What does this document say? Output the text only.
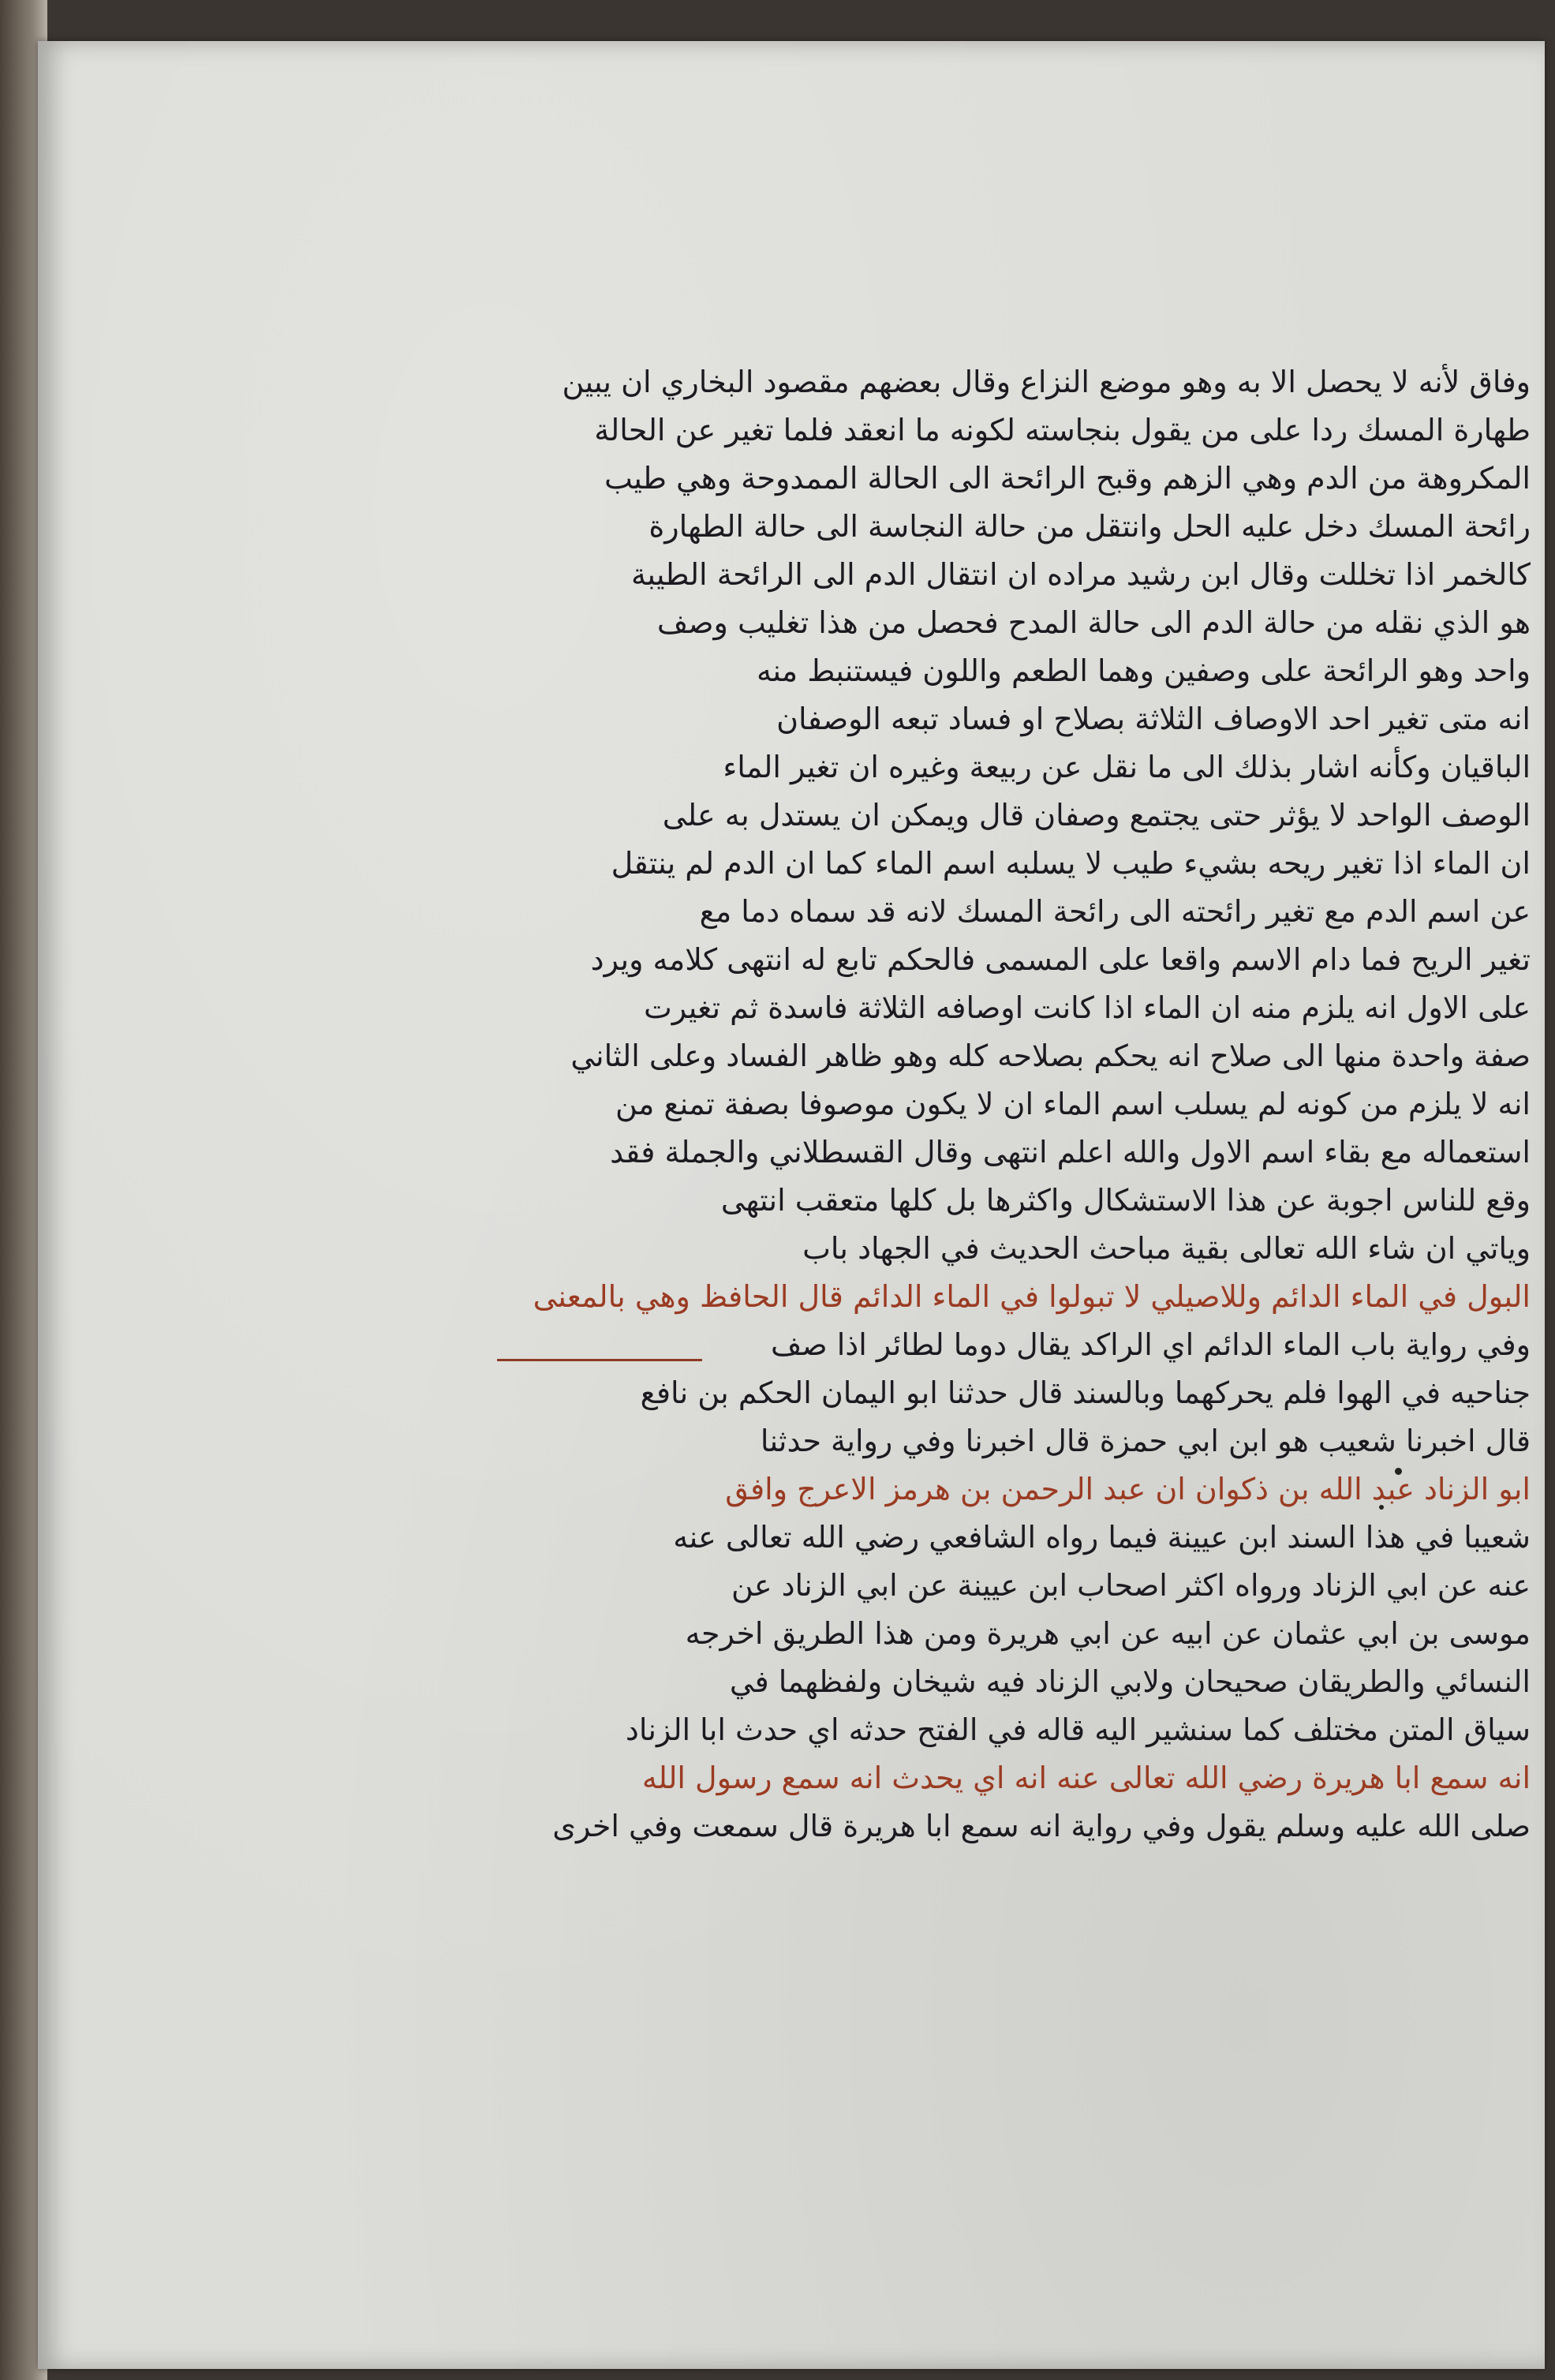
وفاق لأنه لا يحصل الا به وهو موضع النزاع وقال بعضهم مقصود البخاري ان يبين
طهارة المسك ردا على من يقول بنجاسته لكونه ما انعقد فلما تغير عن الحالة
المكروهة من الدم وهي الزهم وقبح الرائحة الى الحالة الممدوحة وهي طيب
رائحة المسك دخل عليه الحل وانتقل من حالة النجاسة الى حالة الطهارة
كالخمر اذا تخللت وقال ابن رشيد مراده ان انتقال الدم الى الرائحة الطيبة
هو الذي نقله من حالة الدم الى حالة المدح فحصل من هذا تغليب وصف
واحد وهو الرائحة على وصفين وهما الطعم واللون فيستنبط منه
انه متى تغير احد الاوصاف الثلاثة بصلاح او فساد تبعه الوصفان
الباقيان وكأنه اشار بذلك الى ما نقل عن ربيعة وغيره ان تغير الماء
الوصف الواحد لا يؤثر حتى يجتمع وصفان قال ويمكن ان يستدل به على
ان الماء اذا تغير ريحه بشيء طيب لا يسلبه اسم الماء كما ان الدم لم ينتقل
عن اسم الدم مع تغير رائحته الى رائحة المسك لانه قد سماه دما مع
تغير الريح فما دام الاسم واقعا على المسمى فالحكم تابع له انتهى كلامه ويرد
على الاول انه يلزم منه ان الماء اذا كانت اوصافه الثلاثة فاسدة ثم تغيرت
صفة واحدة منها الى صلاح انه يحكم بصلاحه كله وهو ظاهر الفساد وعلى الثاني
انه لا يلزم من كونه لم يسلب اسم الماء ان لا يكون موصوفا بصفة تمنع من
استعماله مع بقاء اسم الاول والله اعلم انتهى وقال القسطلاني والجملة فقد
وقع للناس اجوبة عن هذا الاستشكال واكثرها بل كلها متعقب انتهى
وياتي ان شاء الله تعالى بقية مباحث الحديث في الجهاد باب
البول في الماء الدائم وللاصيلي لا تبولوا في الماء الدائم قال الحافظ وهي بالمعنى
وفي رواية باب الماء الدائم اي الراكد يقال دوما لطائر اذا صف
جناحيه في الهوا فلم يحركهما وبالسند قال حدثنا ابو اليمان الحكم بن نافع
قال اخبرنا شعيب هو ابن ابي حمزة قال اخبرنا وفي رواية حدثنا
ابو الزناد عبد الله بن ذكوان ان عبد الرحمن بن هرمز الاعرج وافق
شعيبا في هذا السند ابن عيينة فيما رواه الشافعي رضي الله تعالى عنه
عنه عن ابي الزناد ورواه اكثر اصحاب ابن عيينة عن ابي الزناد عن
موسى بن ابي عثمان عن ابيه عن ابي هريرة ومن هذا الطريق اخرجه
النسائي والطريقان صحيحان ولابي الزناد فيه شيخان ولفظهما في
سياق المتن مختلف كما سنشير اليه قاله في الفتح حدثه اي حدث ابا الزناد
انه سمع ابا هريرة رضي الله تعالى عنه انه اي يحدث انه سمع رسول الله
صلى الله عليه وسلم يقول وفي رواية انه سمع ابا هريرة قال سمعت وفي اخرى
